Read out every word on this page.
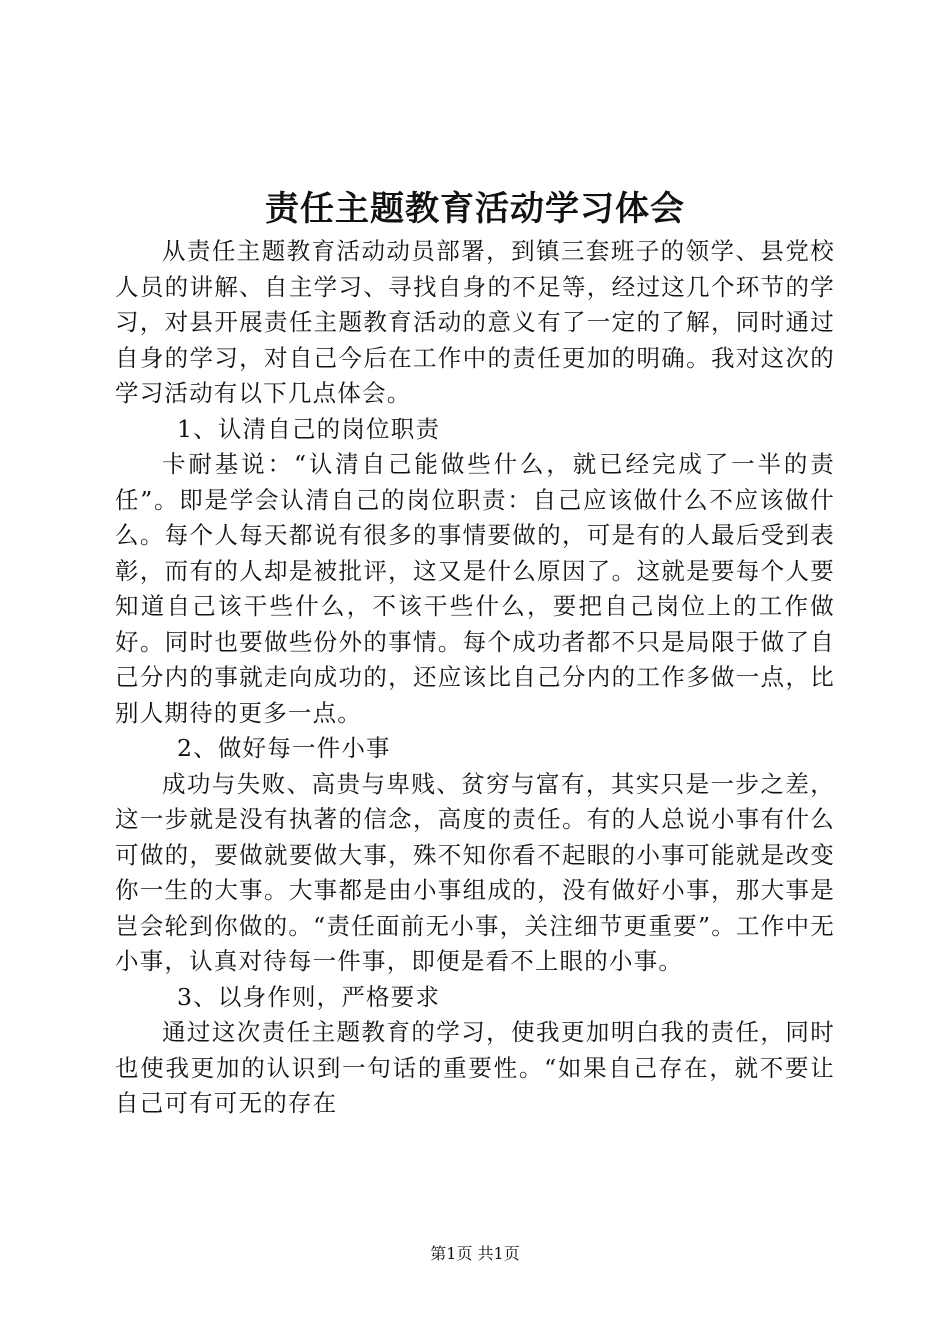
责任主题教育活动学习体会

从责任主题教育活动动员部署，到镇三套班子的领学、县党校人员的讲解、自主学习、寻找自身的不足等，经过这几个环节的学习，对县开展责任主题教育活动的意义有了一定的了解，同时通过自身的学习，对自己今后在工作中的责任更加的明确。我对这次的学习活动有以下几点体会。

1、认清自己的岗位职责

卡耐基说：“认清自己能做些什么，就已经完成了一半的责任”。即是学会认清自己的岗位职责：自己应该做什么不应该做什么。每个人每天都说有很多的事情要做的，可是有的人最后受到表彰，而有的人却是被批评，这又是什么原因了。这就是要每个人要知道自己该干些什么，不该干些什么，要把自己岗位上的工作做好。同时也要做些份外的事情。每个成功者都不只是局限于做了自己分内的事就走向成功的，还应该比自己分内的工作多做一点，比别人期待的更多一点。

2、做好每一件小事

成功与失败、高贵与卑贱、贫穷与富有，其实只是一步之差，这一步就是没有执著的信念，高度的责任。有的人总说小事有什么可做的，要做就要做大事，殊不知你看不起眼的小事可能就是改变你一生的大事。大事都是由小事组成的，没有做好小事，那大事是岂会轮到你做的。“责任面前无小事，关注细节更重要”。工作中无小事，认真对待每一件事，即便是看不上眼的小事。

3、以身作则，严格要求

通过这次责任主题教育的学习，使我更加明白我的责任，同时也使我更加的认识到一句话的重要性。“如果自己存在，就不要让自己可有可无的存在

第1页 共1页
